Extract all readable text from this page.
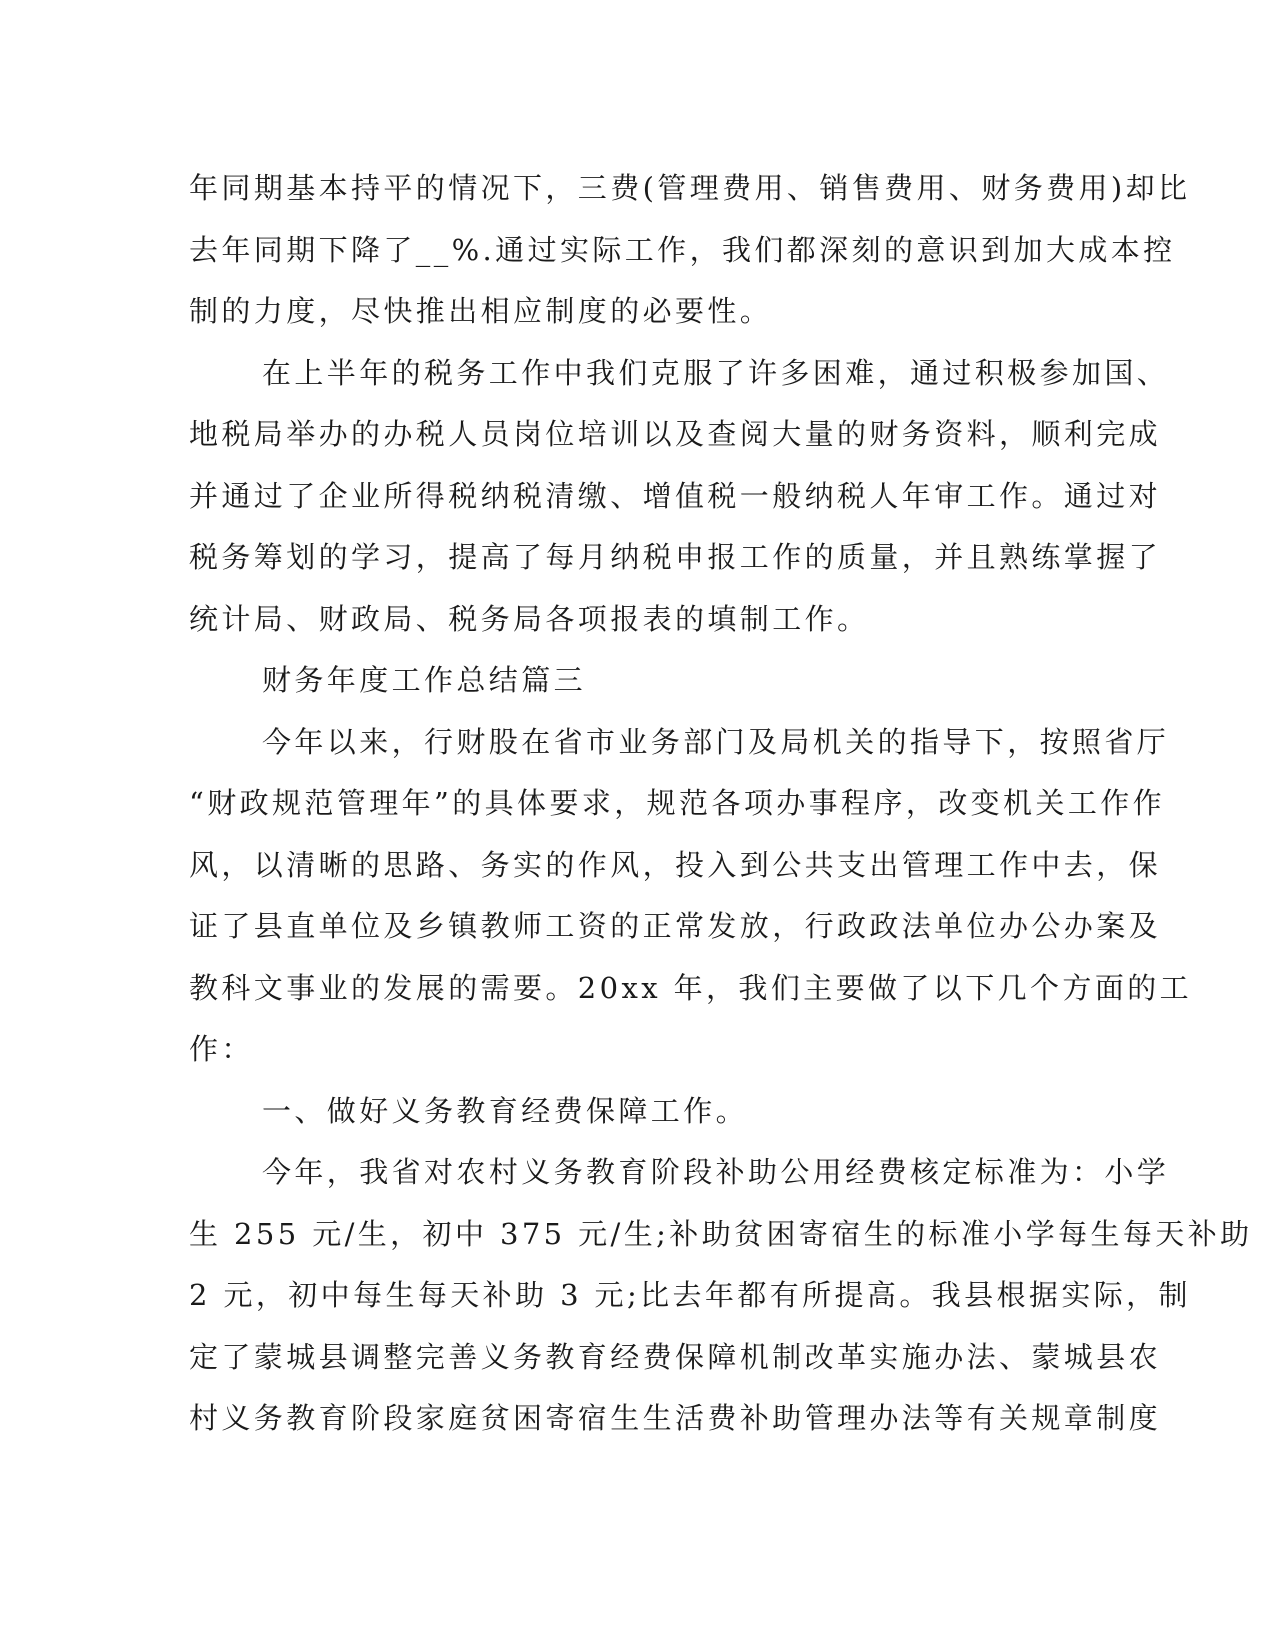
年同期基本持平的情况下，三费(管理费用、销售费用、财务费用)却比
去年同期下降了__%.通过实际工作，我们都深刻的意识到加大成本控
制的力度，尽快推出相应制度的必要性。
在上半年的税务工作中我们克服了许多困难，通过积极参加国、
地税局举办的办税人员岗位培训以及查阅大量的财务资料，顺利完成
并通过了企业所得税纳税清缴、增值税一般纳税人年审工作。通过对
税务筹划的学习，提高了每月纳税申报工作的质量，并且熟练掌握了
统计局、财政局、税务局各项报表的填制工作。
财务年度工作总结篇三
今年以来，行财股在省市业务部门及局机关的指导下，按照省厅
“财政规范管理年”的具体要求，规范各项办事程序，改变机关工作作
风，以清晰的思路、务实的作风，投入到公共支出管理工作中去，保
证了县直单位及乡镇教师工资的正常发放，行政政法单位办公办案及
教科文事业的发展的需要。20xx 年，我们主要做了以下几个方面的工
作：
一、做好义务教育经费保障工作。
今年，我省对农村义务教育阶段补助公用经费核定标准为：小学
生 255 元/生，初中 375 元/生;补助贫困寄宿生的标准小学每生每天补助
2 元，初中每生每天补助 3 元;比去年都有所提高。我县根据实际，制
定了蒙城县调整完善义务教育经费保障机制改革实施办法、蒙城县农
村义务教育阶段家庭贫困寄宿生生活费补助管理办法等有关规章制度
